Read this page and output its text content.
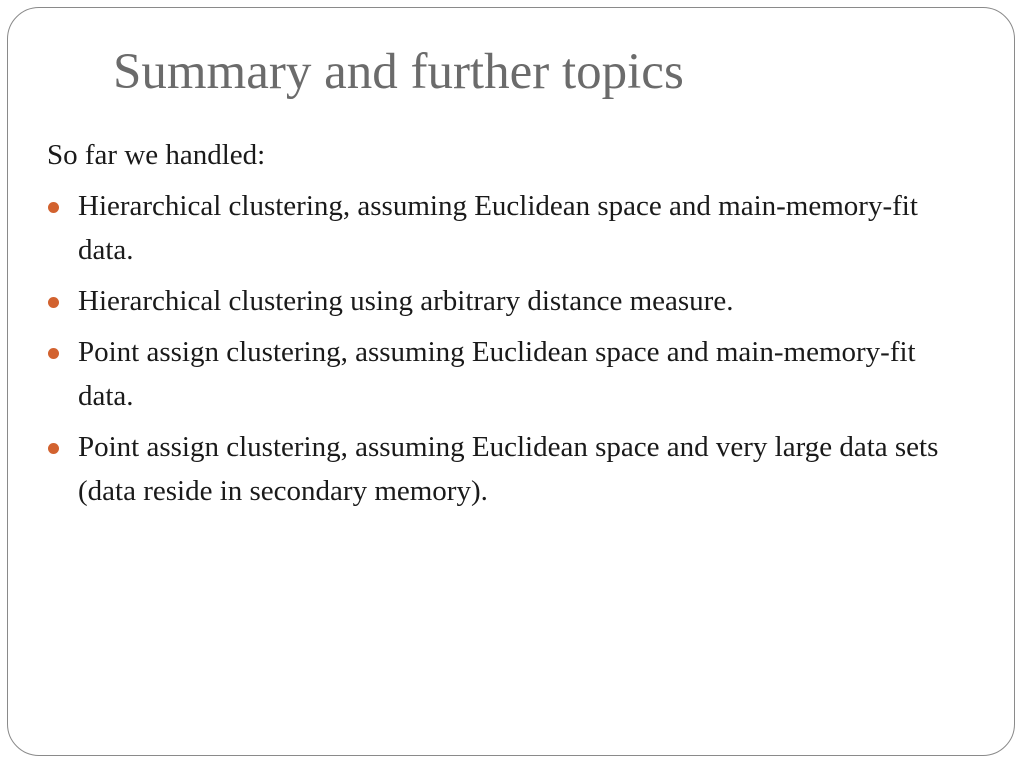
Summary and further topics

So far we handled:

Hierarchical clustering, assuming Euclidean space and main-memory-fit data.
Hierarchical clustering using arbitrary distance measure.
Point assign clustering, assuming Euclidean space and main-memory-fit data.
Point assign clustering, assuming Euclidean space and very large data sets (data reside in secondary memory).
